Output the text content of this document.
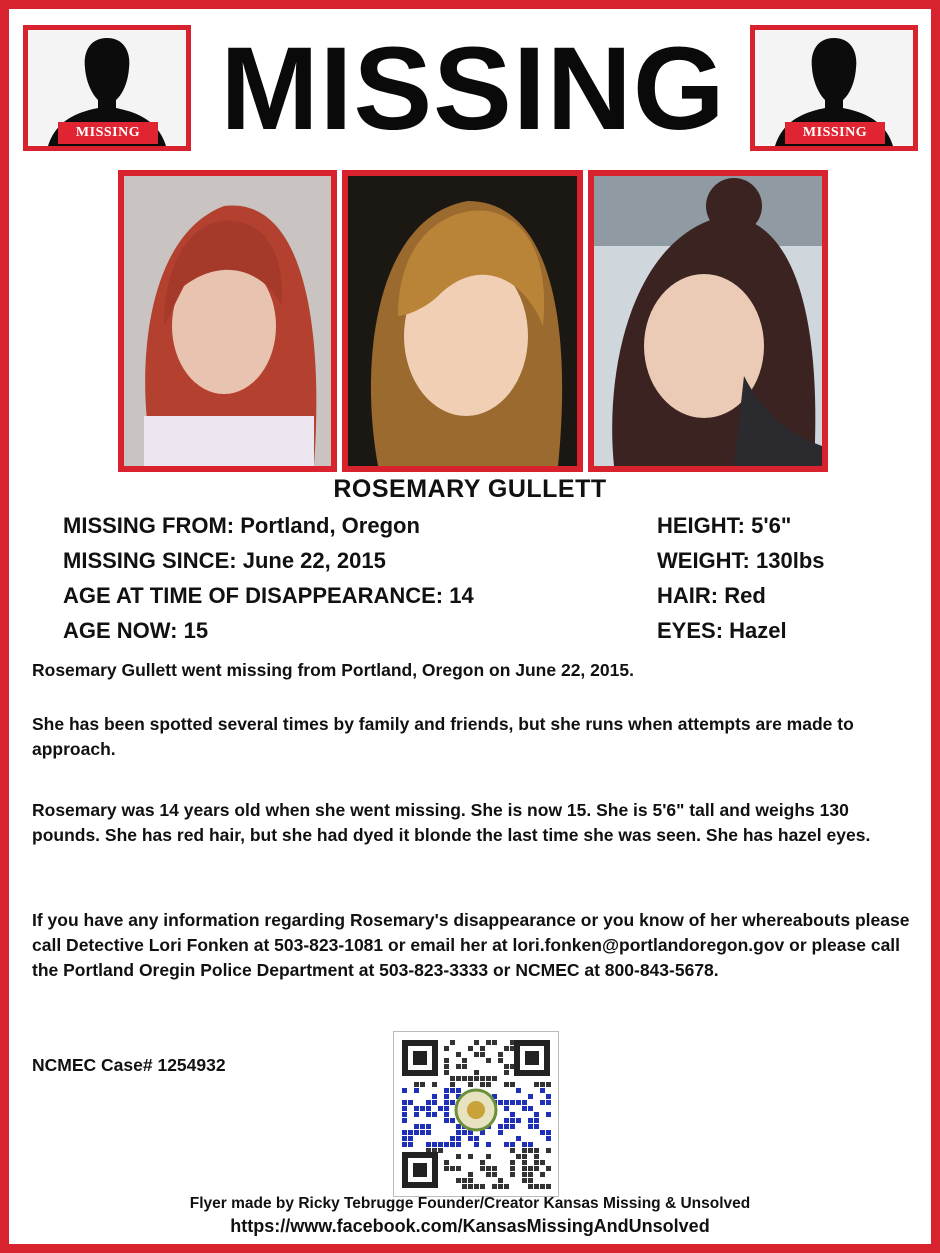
MISSING MISSING	MISSING
ROSEMARY GULLETT
MISSING FROM: Portland, Oregon
MISSING SINCE: June 22, 2015
AGE AT TIME OF DISAPPEARANCE: 14
AGE NOW: 15
HEIGHT: 5'6"
WEIGHT: 130lbs
HAIR: Red
EYES: Hazel

Rosemary Gullett went missing from Portland, Oregon on June 22, 2015.

She has been spotted several times by family and friends, but she runs when attempts are made to approach.

Rosemary was 14 years old when she went missing. She is now 15. She is 5'6" tall and weighs 130 pounds. She has red hair, but she had dyed it blonde the last time she was seen. She has hazel eyes.

If you have any information regarding Rosemary's disappearance or you know of her whereabouts please call Detective Lori Fonken at 503-823-1081 or email her at lori.fonken@portlandoregon.gov or please call the Portland Oregin Police Department at 503-823-3333 or NCMEC at 800-843-5678.

NCMEC Case# 1254932
Flyer made by Ricky Tebrugge Founder/Creator Kansas Missing & Unsolved
https://www.facebook.com/KansasMissingAndUnsolved
